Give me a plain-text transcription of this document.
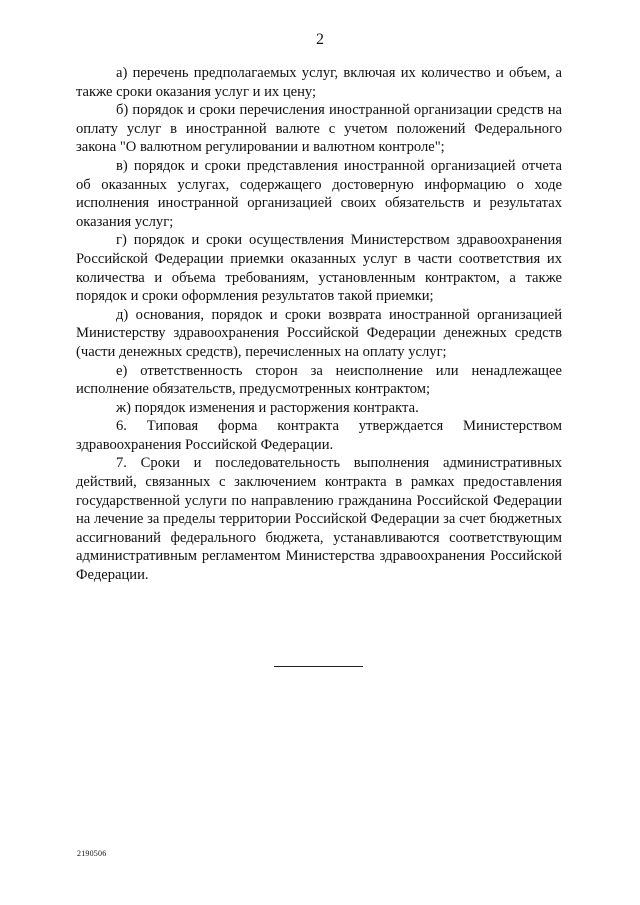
2

а) перечень предполагаемых услуг, включая их количество и объем, а также сроки оказания услуг и их цену;

б) порядок и сроки перечисления иностранной организации средств на оплату услуг в иностранной валюте с учетом положений Федерального закона "О валютном регулировании и валютном контроле";

в) порядок и сроки представления иностранной организацией отчета об оказанных услугах, содержащего достоверную информацию о ходе исполнения иностранной организацией своих обязательств и результатах оказания услуг;

г) порядок и сроки осуществления Министерством здравоохранения Российской Федерации приемки оказанных услуг в части соответствия их количества и объема требованиям, установленным контрактом, а также порядок и сроки оформления результатов такой приемки;

д) основания, порядок и сроки возврата иностранной организацией Министерству здравоохранения Российской Федерации денежных средств (части денежных средств), перечисленных на оплату услуг;

е) ответственность сторон за неисполнение или ненадлежащее исполнение обязательств, предусмотренных контрактом;

ж) порядок изменения и расторжения контракта.

6. Типовая форма контракта утверждается Министерством здравоохранения Российской Федерации.

7. Сроки и последовательность выполнения административных действий, связанных с заключением контракта в рамках предоставления государственной услуги по направлению гражданина Российской Федерации на лечение за пределы территории Российской Федерации за счет бюджетных ассигнований федерального бюджета, устанавливаются соответствующим административным регламентом Министерства здравоохранения Российской Федерации.

2190506
